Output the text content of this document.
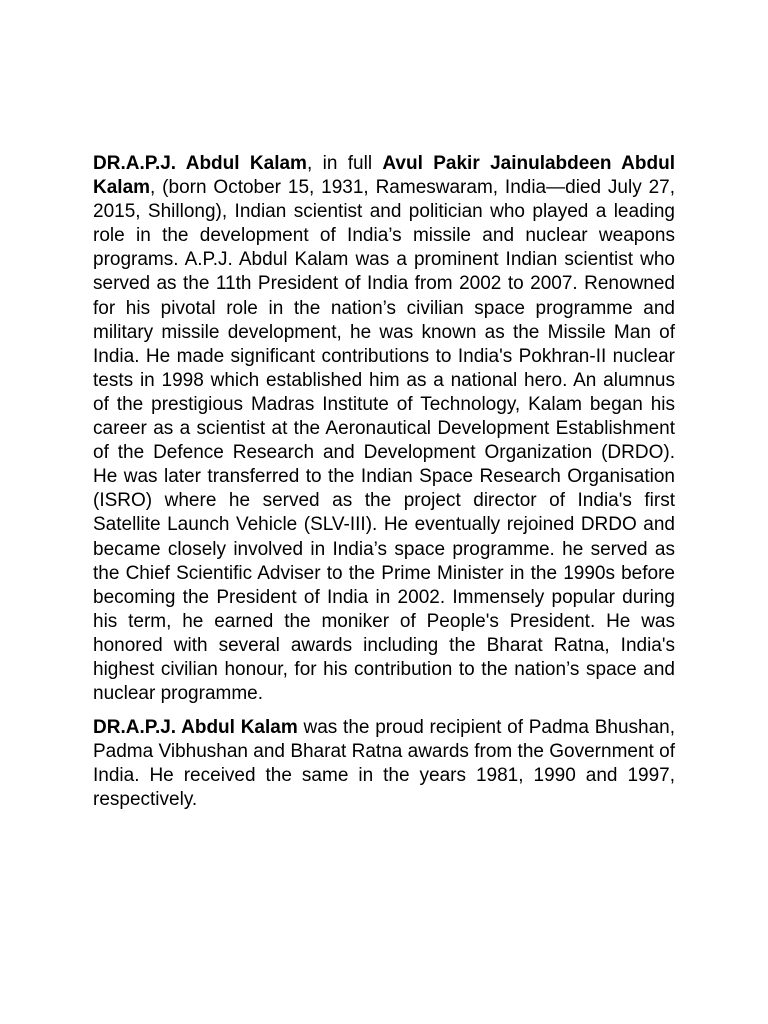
DR.A.P.J. Abdul Kalam, in full Avul Pakir Jainulabdeen Abdul Kalam, (born October 15, 1931, Rameswaram, India—died July 27, 2015, Shillong), Indian scientist and politician who played a leading role in the development of India’s missile and nuclear weapons programs. A.P.J. Abdul Kalam was a prominent Indian scientist who served as the 11th President of India from 2002 to 2007. Renowned for his pivotal role in the nation’s civilian space programme and military missile development, he was known as the Missile Man of India. He made significant contributions to India's Pokhran-II nuclear tests in 1998 which established him as a national hero. An alumnus of the prestigious Madras Institute of Technology, Kalam began his career as a scientist at the Aeronautical Development Establishment of the Defence Research and Development Organization (DRDO). He was later transferred to the Indian Space Research Organisation (ISRO) where he served as the project director of India's first Satellite Launch Vehicle (SLV-III). He eventually rejoined DRDO and became closely involved in India’s space programme. he served as the Chief Scientific Adviser to the Prime Minister in the 1990s before becoming the President of India in 2002. Immensely popular during his term, he earned the moniker of People's President. He was honored with several awards including the Bharat Ratna, India's highest civilian honour, for his contribution to the nation’s space and nuclear programme.

DR.A.P.J. Abdul Kalam was the proud recipient of Padma Bhushan, Padma Vibhushan and Bharat Ratna awards from the Government of India. He received the same in the years 1981, 1990 and 1997, respectively.
